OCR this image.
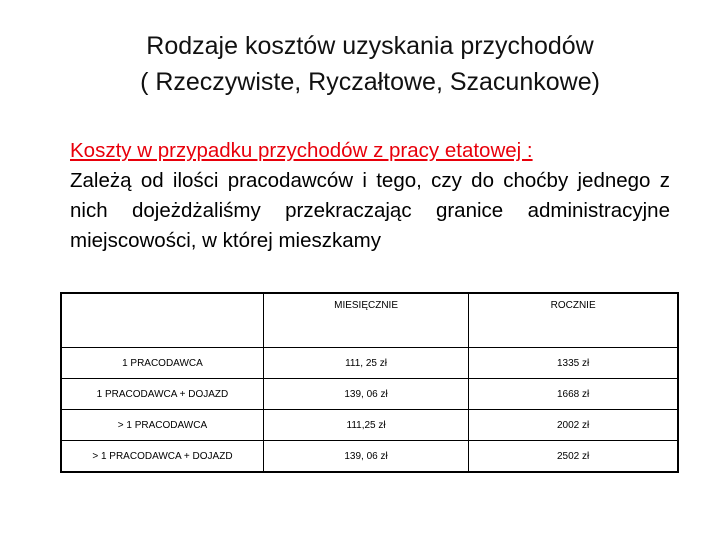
Rodzaje kosztów uzyskania przychodów
( Rzeczywiste, Ryczałtowe, Szacunkowe)
Koszty w przypadku przychodów z pracy etatowej :
Zależą od ilości pracodawców i tego, czy do choćby jednego z nich dojeżdżaliśmy przekraczając granice administracyjne miejscowości, w której mieszkamy
	MIESIĘCZNIE	ROCZNIE
1 PRACODAWCA	111, 25 zł	1335 zł
1 PRACODAWCA + DOJAZD	139, 06 zł	1668 zł
> 1 PRACODAWCA	111,25 zł	2002 zł
> 1 PRACODAWCA + DOJAZD	139, 06 zł	2502 zł
